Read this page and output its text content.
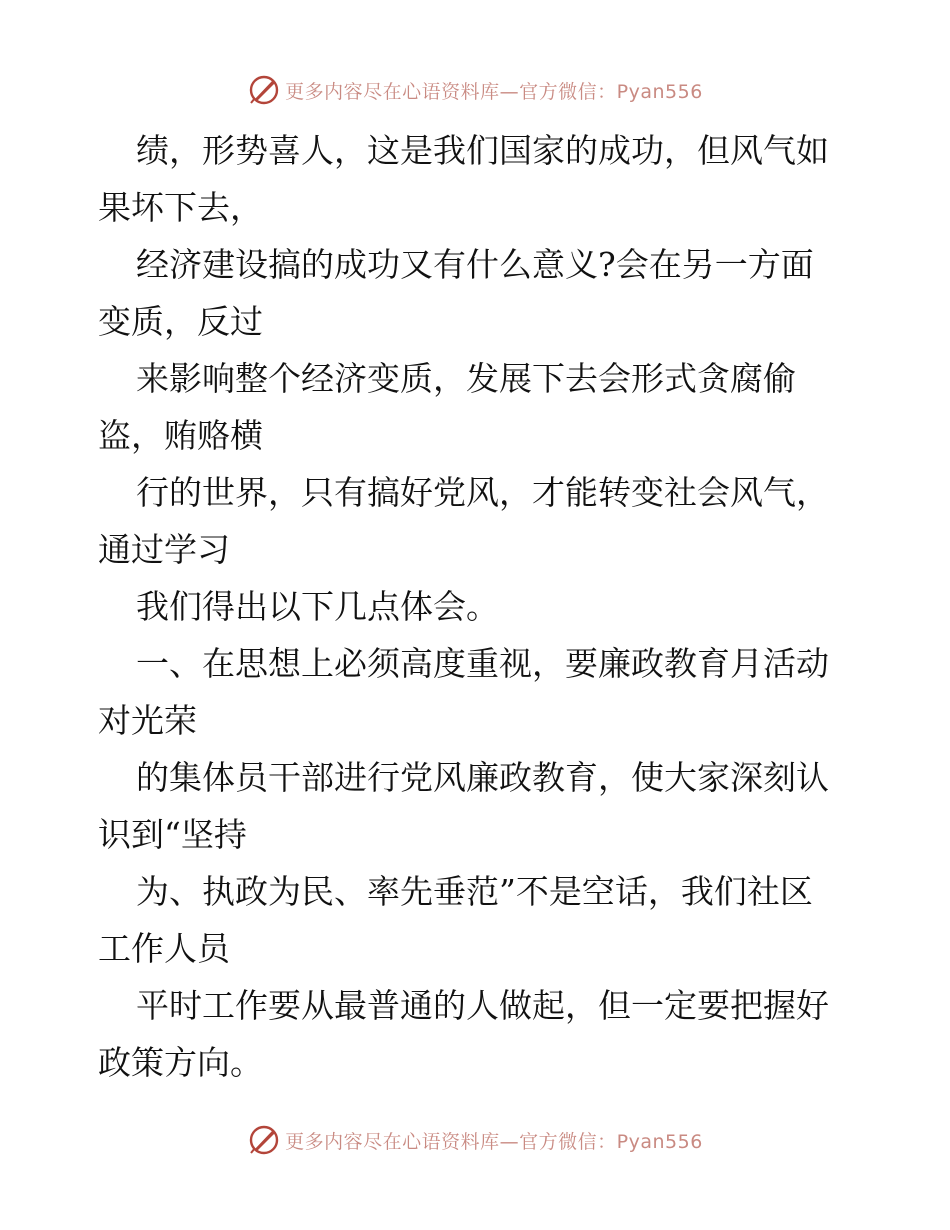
更多内容尽在心语资料库—官方微信：Pyan556

绩，形势喜人，这是我们国家的成功，但风气如

果坏下去，

经济建设搞的成功又有什么意义?会在另一方面

变质，反过

来影响整个经济变质，发展下去会形式贪腐偷

盗，贿赂横

行的世界，只有搞好党风，才能转变社会风气，

通过学习

我们得出以下几点体会。

一、在思想上必须高度重视，要廉政教育月活动

对光荣

的集体员干部进行党风廉政教育，使大家深刻认

识到“坚持

为、执政为民、率先垂范”不是空话，我们社区

工作人员

平时工作要从最普通的人做起，但一定要把握好

政策方向。

更多内容尽在心语资料库—官方微信：Pyan556
